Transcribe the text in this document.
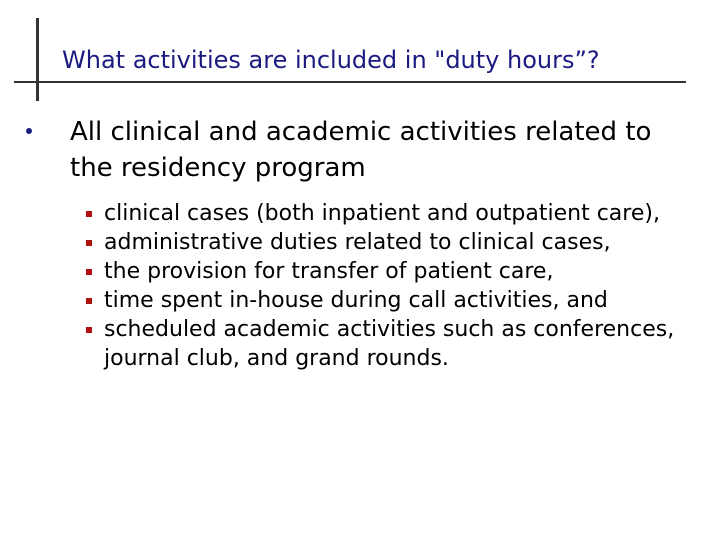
What activities are included in "duty hours”?
All clinical and academic activities related to the residency program
clinical cases (both inpatient and outpatient care),
administrative duties related to clinical cases,
the provision for transfer of patient care,
time spent in-house during call activities, and
scheduled academic activities such as conferences, journal club, and grand rounds.
